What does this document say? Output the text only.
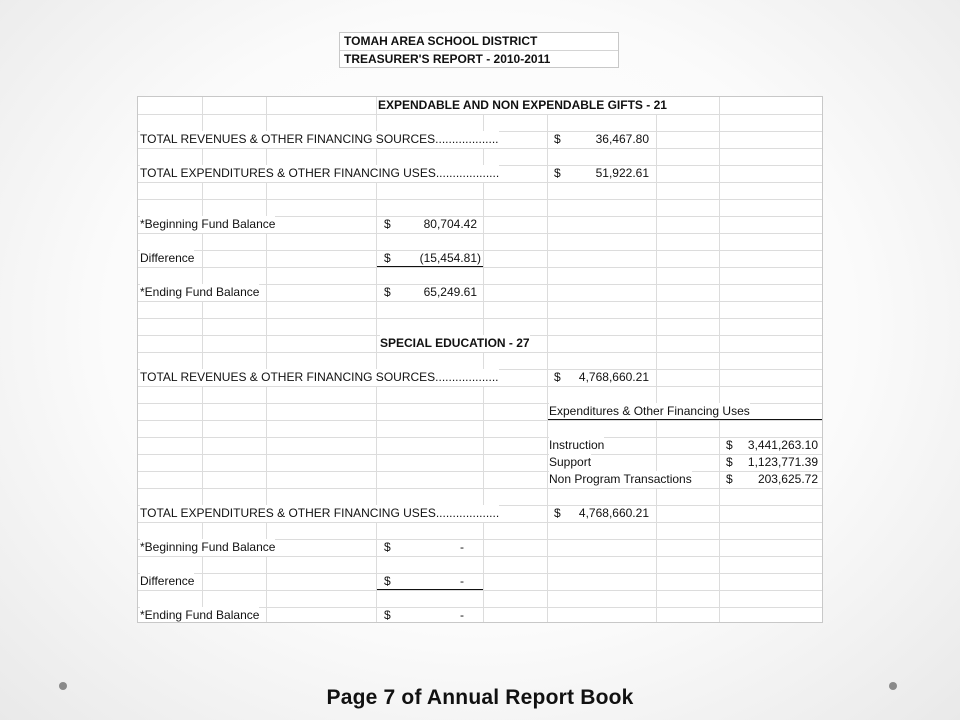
TOMAH AREA SCHOOL DISTRICT
TREASURER'S REPORT - 2010-2011
EXPENDABLE AND NON EXPENDABLE GIFTS - 21
TOTAL REVENUES & OTHER FINANCING SOURCES...................	$	36,467.80
TOTAL EXPENDITURES & OTHER FINANCING USES...................	$	51,922.61
*Beginning Fund Balance	$	80,704.42
Difference	$	(15,454.81)
*Ending Fund Balance	$	65,249.61
SPECIAL EDUCATION - 27
TOTAL REVENUES & OTHER FINANCING SOURCES...................	$	4,768,660.21
Expenditures & Other Financing Uses
Instruction	$	3,441,263.10
Support	$	1,123,771.39
Non Program Transactions	$	203,625.72
TOTAL EXPENDITURES & OTHER FINANCING USES...................	$	4,768,660.21
*Beginning Fund Balance	$	-
Difference	$	-
*Ending Fund Balance	$	-
Page 7 of Annual Report Book
